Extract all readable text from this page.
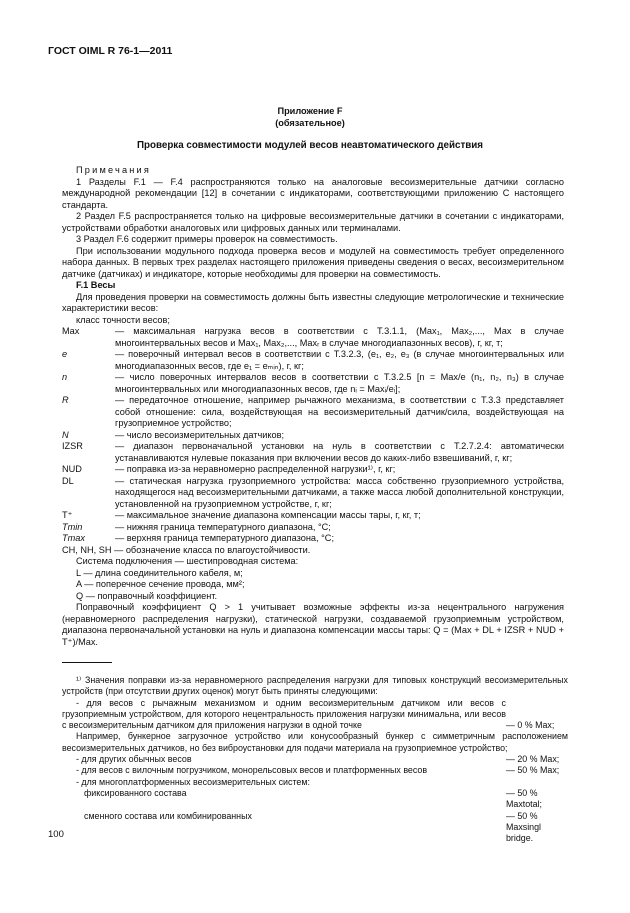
ГОСТ OIML R 76-1—2011
Приложение F
(обязательное)
Проверка совместимости модулей весов неавтоматического действия

Примечания

1 Разделы F.1 — F.4 распространяются только на аналоговые весоизмерительные датчики согласно международной рекомендации [12] в сочетании с индикаторами, соответствующими приложению С настоящего стандарта.

2 Раздел F.5 распространяется только на цифровые весоизмерительные датчики в сочетании с индикаторами, устройствами обработки аналоговых или цифровых данных или терминалами.

3 Раздел F.6 содержит примеры проверок на совместимость.

При использовании модульного подхода проверка весов и модулей на совместимость требует определенного набора данных. В первых трех разделах настоящего приложения приведены сведения о весах, весоизмерительном датчике (датчиках) и индикаторе, которые необходимы для проверки на совместимость.

F.1 Весы

Для проведения проверки на совместимость должны быть известны следующие метрологические и технические характеристики весов:

класс точности весов;

Max	— максимальная нагрузка весов в соответствии с Т.3.1.1, (Max₁, Max₂,..., Max в случае многоинтервальных весов и Max₁, Max₂,..., Maxᵣ в случае многодиапазонных весов), г, кг, т;
e	— поверочный интервал весов в соответствии с Т.3.2.3, (e₁, e₂, e₃ (в случае многоинтервальных или многодиапазонных весов, где e₁ = eₘᵢₙ), г, кг;
n	— число поверочных интервалов весов в соответствии с Т.3.2.5 [n = Max/e (n₁, n₂, n₃) в случае многоинтервальных или многодиапазонных весов, где nᵢ = Maxᵢ/eᵢ];
R	— передаточное отношение, например рычажного механизма, в соответствии с Т.3.3 представляет собой отношение: сила, воздействующая на весоизмерительный датчик/сила, воздействующая на грузоприемное устройство;
N	— число весоизмерительных датчиков;
IZSR	— диапазон первоначальной установки на нуль в соответствии с Т.2.7.2.4: автоматически устанавливаются нулевые показания при включении весов до каких-либо взвешиваний, г, кг;
NUD	— поправка из-за неравномерно распределенной нагрузки¹⁾, г, кг;
DL	— статическая нагрузка грузоприемного устройства: масса собственно грузоприемного устройства, находящегося над весоизмерительными датчиками, а также масса любой дополнительной конструкции, установленной на грузоприемном устройстве, г, кг;
T⁺	— максимальное значение диапазона компенсации массы тары, г, кг, т;
Tmin	— нижняя граница температурного диапазона, °С;
Tmax	— верхняя граница температурного диапазона, °С;
CH, NH, SH
— обозначение класса по влагоустойчивости.

Система подключения — шестипроводная система:

L — длина соединительного кабеля, м;

A — поперечное сечение провода, мм²;

Q — поправочный коэффициент.

Поправочный коэффициент Q > 1 учитывает возможные эффекты из-за нецентрального нагружения (неравномерного распределения нагрузки), статической нагрузки, создаваемой грузоприемным устройством, диапазона первоначальной установки на нуль и диапазона компенсации массы тары: Q = (Max + DL + IZSR + NUD + T⁺)/Max.

¹⁾ Значения поправки из-за неравномерного распределения нагрузки для типовых конструкций весоизмерительных устройств (при отсутствии других оценок) могут быть приняты следующими:

- для весов с рычажным механизмом и одним весоизмерительным датчиком или весов с грузоприемным устройством, для которого нецентральность приложения нагрузки минимальна, или весов с весоизмерительным датчиком для приложения нагрузки в одной точке	— 0 % Max;

Например, бункерное загрузочное устройство или конусообразный бункер с симметричным расположением весоизмерительных датчиков, но без виброустановки для подачи материала на грузоприемное устройство;

- для других обычных весов	— 20 % Max;
- для весов с вилочным погрузчиком, монорельсовых весов и платформенных весов	— 50 % Max;

- для многоплатформенных весоизмерительных систем:

фиксированного состава	— 50 % Maxtotal;
сменного состава или комбинированных	— 50 % Maxsingl bridge.
100
